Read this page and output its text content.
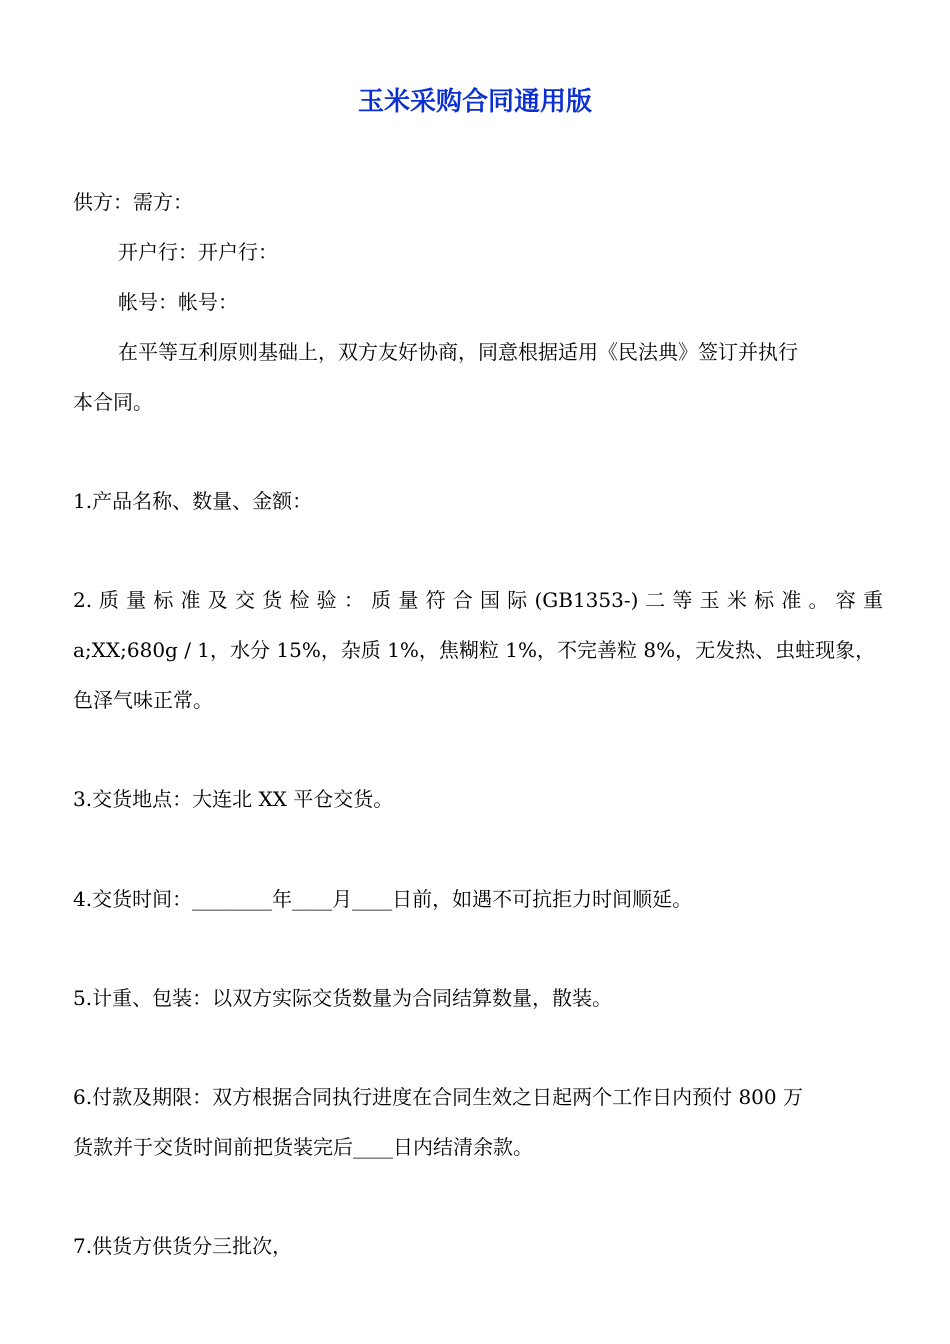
玉米采购合同通用版
供方：需方：
开户行：开户行：
帐号：帐号：
在平等互利原则基础上，双方友好协商，同意根据适用《民法典》签订并执行
本合同。
1.产品名称、数量、金额：
2. 质 量 标 准 及 交 货 检 验 ： 质 量 符 合 国 际 (GB1353-) 二 等 玉 米 标 准 。 容 重
a;XX;680g / 1，水分 15%，杂质 1%，焦糊粒 1%，不完善粒 8%，无发热、虫蛀现象，
色泽气味正常。
3.交货地点：大连北 XX 平仓交货。
4.交货时间：________年____月____日前，如遇不可抗拒力时间顺延。
5.计重、包装：以双方实际交货数量为合同结算数量，散装。
6.付款及期限：双方根据合同执行进度在合同生效之日起两个工作日内预付 800 万
货款并于交货时间前把货装完后____日内结清余款。
7.供货方供货分三批次，
